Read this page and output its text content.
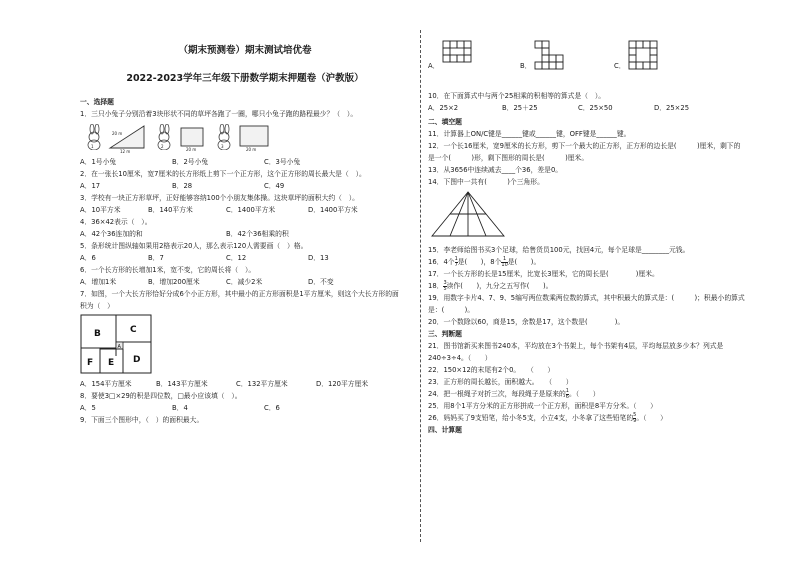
（期末预测卷）期末测试培优卷
2022-2023学年三年级下册数学期末押题卷（沪教版）
一、选择题
1．三只小兔子分别沿着3块形状不同的草坪各跑了一圈，哪只小兔子跑的路程最少？（　）。
1
20 m
12 m
2
20 m
3
20 m
A．1号小兔	B．2号小兔	C．3号小兔
2．在一张长10厘米，宽7厘米的长方形纸上剪下一个正方形，这个正方形的周长最大是（　）。
A．17	B．28	C．49
3．学校有一块正方形草坪，正好能够容纳100个小朋友集体操。这块草坪的面积大约（　）。
A．10平方米	B．140平方米	C．1400平方米	D．1400平方米
4．36×42表示（　）。
A．42个36连加的和	B．42个36相乘的积
5．条形统计图纵轴如果用2格表示20人，那么表示120人需要画（　）格。
A．6	B．7	C．12	D．13
6．一个长方形的长增加1米，宽不变，它的周长将（　）。
A．增加1米	B．增加200厘米	C．减少2米	D．不变
7．如图，一个大长方形恰好分成6个小正方形，其中最小的正方形面积是1平方厘米，则这个大长方形的面
积为（　）
B	C
A
F E D
A．154平方厘米	B．143平方厘米	C．132平方厘米	D．120平方厘米
8．要使3□×29的积是四位数，□最小应该填（　）。
A．5	B．4	C．6
9．下面三个图形中，（　）的面积最大。
A．	B．	C．
10．在下面算式中与两个25相乘的积相等的算式是（　）。
A．25×2	B．25＋25	C．25×50	D．25×25
二、填空题
11．计算器上ON/C键是______键或______键，OFF键是______键。
12．一个长16厘米，宽9厘米的长方形，剪下一个最大的正方形，正方形的边长是(　　　)厘米，剩下的
是一个(　　　)形，剩下图形的周长是(　　　)厘米。
13．从3656中连续减去____个36，差是0。
14．下图中一共有(　　　)个三角形。
15．李老师給图书买3个足球，给售货员100元，找回4元，每个足球是________元钱。
16．4个 $\frac{1}{7}$ 是(　　)，8个 $\frac{1}{10}$ 是(　　)。
17．一个长方形的长是15厘米，比宽长3厘米，它的周长是(　　　　)厘米。
18． $\frac{3}{5}$ 读作(　　)，九分之五写作(　　)。
19．用数字卡片4、7、9、5编写两位数乘两位数的算式，其中积最大的算式是：(　　　)；积最小的算式
是：(　　　)。
20．一个数除以60，商是15，余数是17，这个数是(　　　　)。
三、判断题
21．图书馆新买来图书240本，平均放在3个书架上，每个书架有4层，平均每层放多少本？列式是
240÷3÷4。（　　）
22．150×12的末尾有2个0。　　（　　）
23．正方形的周长越长，面积越大。　　（　　）
24．把一根绳子对折三次，每段绳子是原来的 $\frac{1}{6}$ 。（　　）
25．用8个1平方分米的正方形拼成一个正方形，面积是8平方分米。（　　）
26．妈妈买了9支铅笔，给小冬5支，小立4支，小冬拿了这些铅笔的 $\frac{5}{9}$ 。（　　）
四、计算题
